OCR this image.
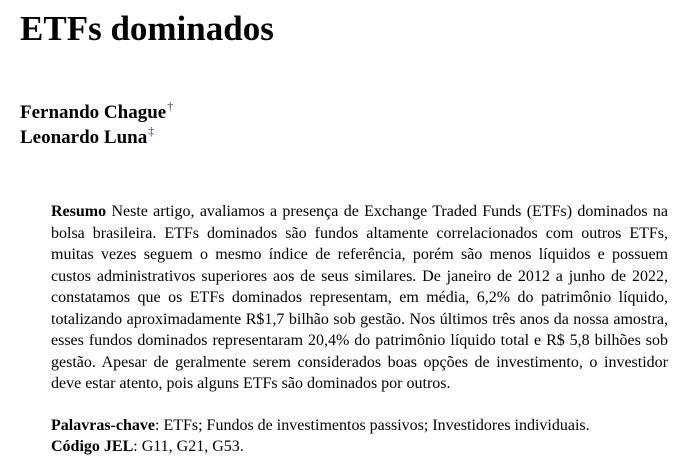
ETFs dominados
Fernando Chague†
Leonardo Luna‡

Resumo Neste artigo, avaliamos a presença de Exchange Traded Funds (ETFs) dominados na bolsa brasileira. ETFs dominados são fundos altamente correlacionados com outros ETFs, muitas vezes seguem o mesmo índice de referência, porém são menos líquidos e possuem custos administrativos superiores aos de seus similares. De janeiro de 2012 a junho de 2022, constatamos que os ETFs dominados representam, em média, 6,2% do patrimônio líquido, totalizando aproximadamente R$1,7 bilhão sob gestão. Nos últimos três anos da nossa amostra, esses fundos dominados representaram 20,4% do patrimônio líquido total e R$ 5,8 bilhões sob gestão. Apesar de geralmente serem considerados boas opções de investimento, o investidor deve estar atento, pois alguns ETFs são dominados por outros.

Palavras-chave: ETFs; Fundos de investimentos passivos; Investidores individuais.
Código JEL: G11, G21, G53.
